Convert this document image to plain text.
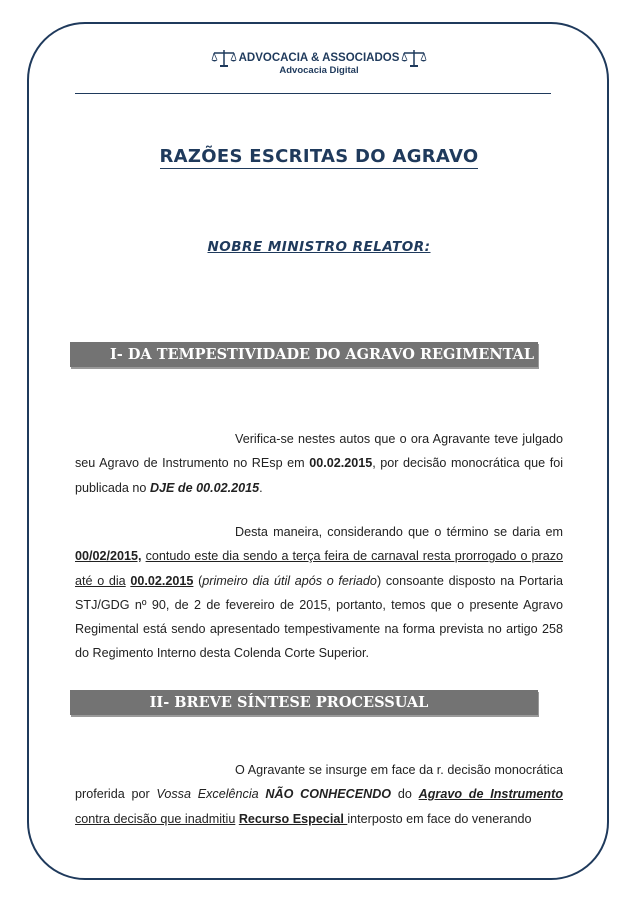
ADVOCACIA & ASSOCIADOS
Advocacia Digital
RAZÕES ESCRITAS DO AGRAVO
NOBRE MINISTRO RELATOR:
I- DA TEMPESTIVIDADE DO AGRAVO REGIMENTAL
Verifica-se nestes autos que o ora Agravante teve julgado seu Agravo de Instrumento no REsp em 00.02.2015, por decisão monocrática que foi publicada no DJE de 00.02.2015.
Desta maneira, considerando que o término se daria em 00/02/2015, contudo este dia sendo a terça feira de carnaval resta prorrogado o prazo até o dia 00.02.2015 (primeiro dia útil após o feriado) consoante disposto na Portaria STJ/GDG nº 90, de 2 de fevereiro de 2015, portanto, temos que o presente Agravo Regimental está sendo apresentado tempestivamente na forma prevista no artigo 258 do Regimento Interno desta Colenda Corte Superior.
II- BREVE SÍNTESE PROCESSUAL
O Agravante se insurge em face da r. decisão monocrática proferida por Vossa Excelência NÃO CONHECENDO do Agravo de Instrumento contra decisão que inadmitiu Recurso Especial interposto em face do venerando
